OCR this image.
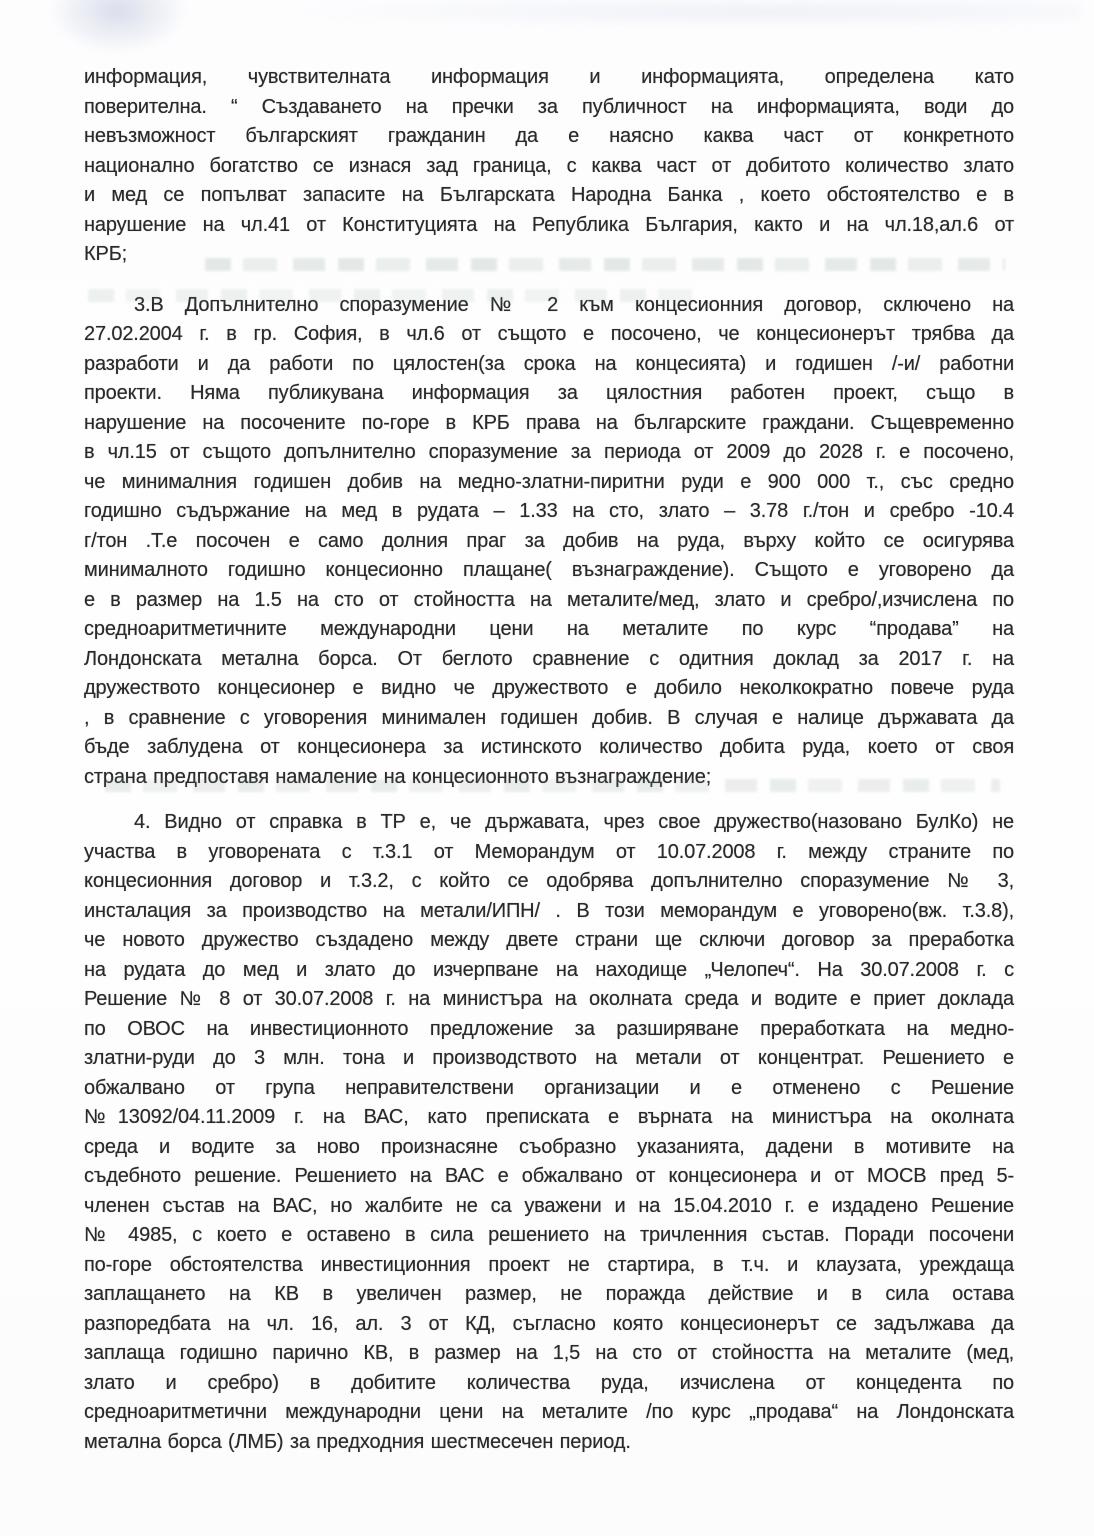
информация, чувствителната информация и информацията, определена като
поверителна. “ Създаването на пречки за публичност на информацията, води до
невъзможност българският гражданин да е наясно каква част от конкретното
национално богатство се изнася зад граница, с каква част от добитото количество злато
и мед се попълват запасите на Българската Народна Банка , което обстоятелство е в
нарушение на чл.41 от Конституцията на Република България, както и на чл.18,ал.6 от
КРБ;
3.В Допълнително споразумение № 2 към концесионния договор, сключено на
27.02.2004 г. в гр. София, в чл.6 от същото е посочено, че концесионерът трябва да
разработи и да работи по цялостен(за срока на концесията) и годишен /-и/ работни
проекти. Няма публикувана информация за цялостния работен проект, също в
нарушение на посочените по-горе в КРБ права на българските граждани. Същевременно
в чл.15 от същото допълнително споразумение за периода от 2009 до 2028 г. е посочено,
че минималния годишен добив на медно-златни-пиритни руди е 900 000 т., със средно
годишно съдържание на мед в рудата – 1.33 на сто, злато – 3.78 г./тон и сребро -10.4
г/тон .Т.е посочен е само долния праг за добив на руда, върху който се осигурява
минималното годишно концесионно плащане( възнаграждение). Същото е уговорено да
е в размер на 1.5 на сто от стойността на металите/мед, злато и сребро/,изчислена по
средноаритметичните международни цени на металите по курс “продава” на
Лондонската метална борса. От беглото сравнение с одитния доклад за 2017 г. на
дружеството концесионер е видно че дружеството е добило неколкократно повече руда
, в сравнение с уговорения минимален годишен добив. В случая е налице държавата да
бъде заблудена от концесионера за истинското количество добита руда, което от своя
страна предпоставя намаление на концесионното възнаграждение;
4. Видно от справка в ТР е, че държавата, чрез свое дружество(назовано БулКо) не
участва в уговорената с т.3.1 от Меморандум от 10.07.2008 г. между страните по
концесионния договор и т.3.2, с който се одобрява допълнително споразумение № 3,
инсталация за производство на метали/ИПН/ . В този меморандум е уговорено(вж. т.3.8),
че новото дружество създадено между двете страни ще сключи договор за преработка
на рудата до мед и злато до изчерпване на находище „Челопеч“. На 30.07.2008 г. с
Решение № 8 от 30.07.2008 г. на министъра на околната среда и водите е приет доклада
по ОВОС на инвестиционното предложение за разширяване преработката на медно-
златни-руди до 3 млн. тона и производството на метали от концентрат. Решението е
обжалвано от група неправителствени организации и е отменено с Решение
№13092/04.11.2009 г. на ВАС, като преписката е върната на министъра на околната
среда и водите за ново произнасяне съобразно указанията, дадени в мотивите на
съдебното решение. Решението на ВАС е обжалвано от концесионера и от МОСВ пред 5-
членен състав на ВАС, но жалбите не са уважени и на 15.04.2010 г. е издадено Решение
№ 4985, с което е оставено в сила решението на тричленния състав. Поради посочени
по-горе обстоятелства инвестиционния проект не стартира, в т.ч. и клаузата, уреждаща
заплащането на КВ в увеличен размер, не поражда действие и в сила остава
разпоредбата на чл. 16, ал. 3 от КД, съгласно която концесионерът се задължава да
заплаща годишно парично КВ, в размер на 1,5 на сто от стойността на металите (мед,
злато и сребро) в добитите количества руда, изчислена от концедента по
средноаритметични международни цени на металите /по курс „продава“ на Лондонската
метална борса (ЛМБ) за предходния шестмесечен период.
